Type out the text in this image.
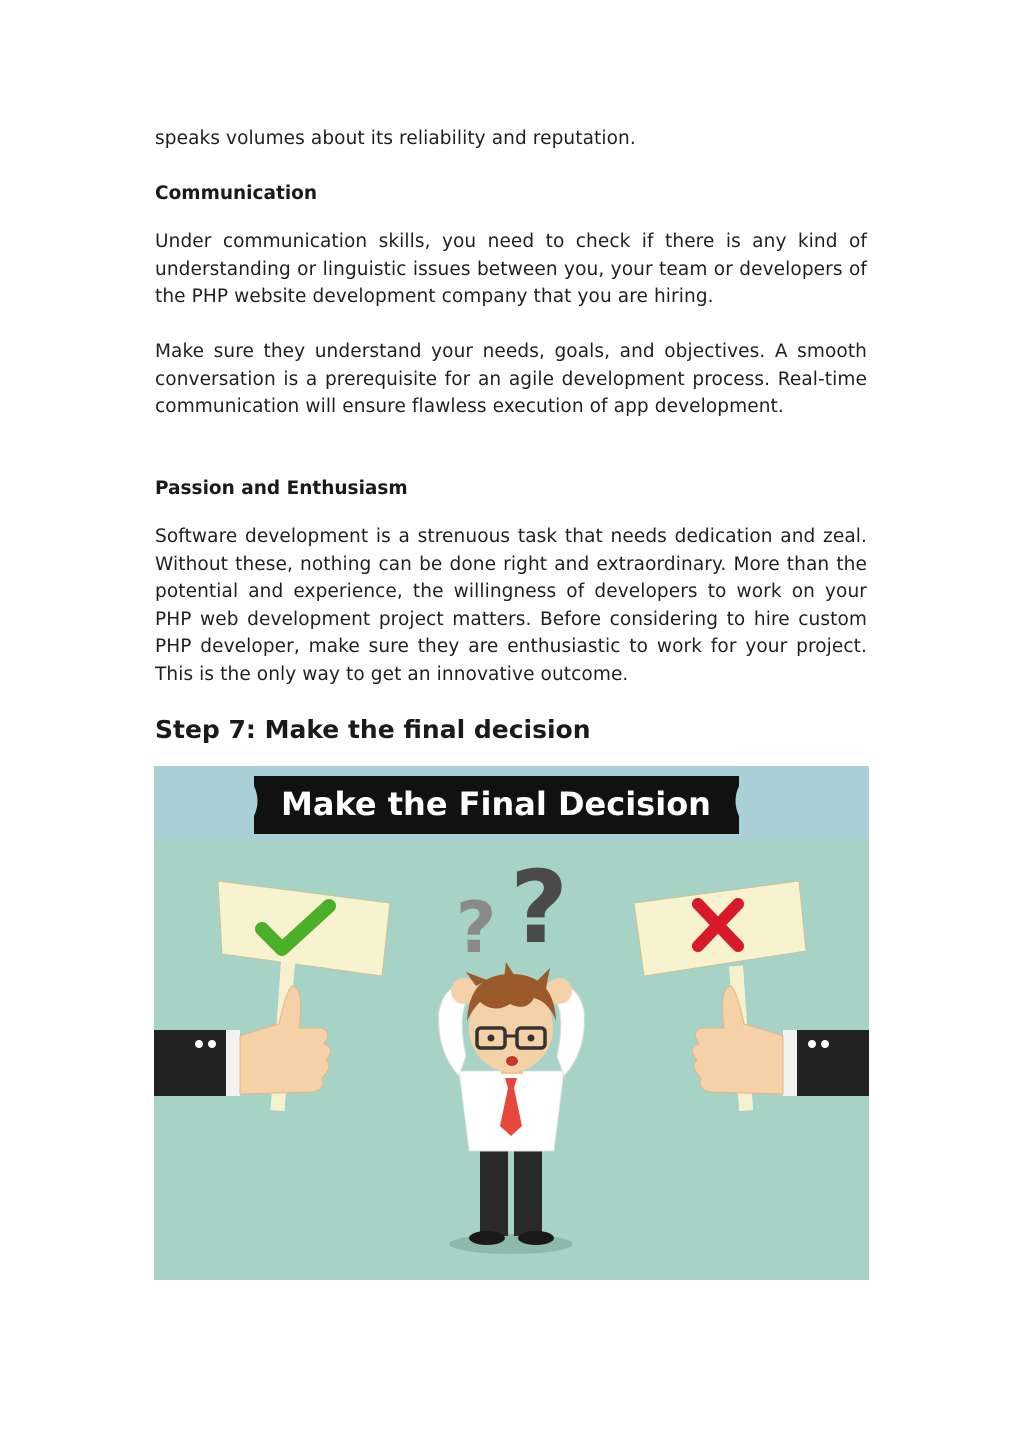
speaks volumes about its reliability and reputation.

Communication

Under communication skills, you need to check if there is any kind of understanding or linguistic issues between you, your team or developers of the PHP website development company that you are hiring.

Make sure they understand your needs, goals, and objectives. A smooth conversation is a prerequisite for an agile development process. Real-time communication will ensure flawless execution of app development.

Passion and Enthusiasm

Software development is a strenuous task that needs dedication and zeal. Without these, nothing can be done right and extraordinary. More than the potential and experience, the willingness of developers to work on your PHP web development project matters. Before considering to hire custom PHP developer, make sure they are enthusiastic to work for your project. This is the only way to get an innovative outcome.

Step 7: Make the final decision
Make the Final Decision
? ?
